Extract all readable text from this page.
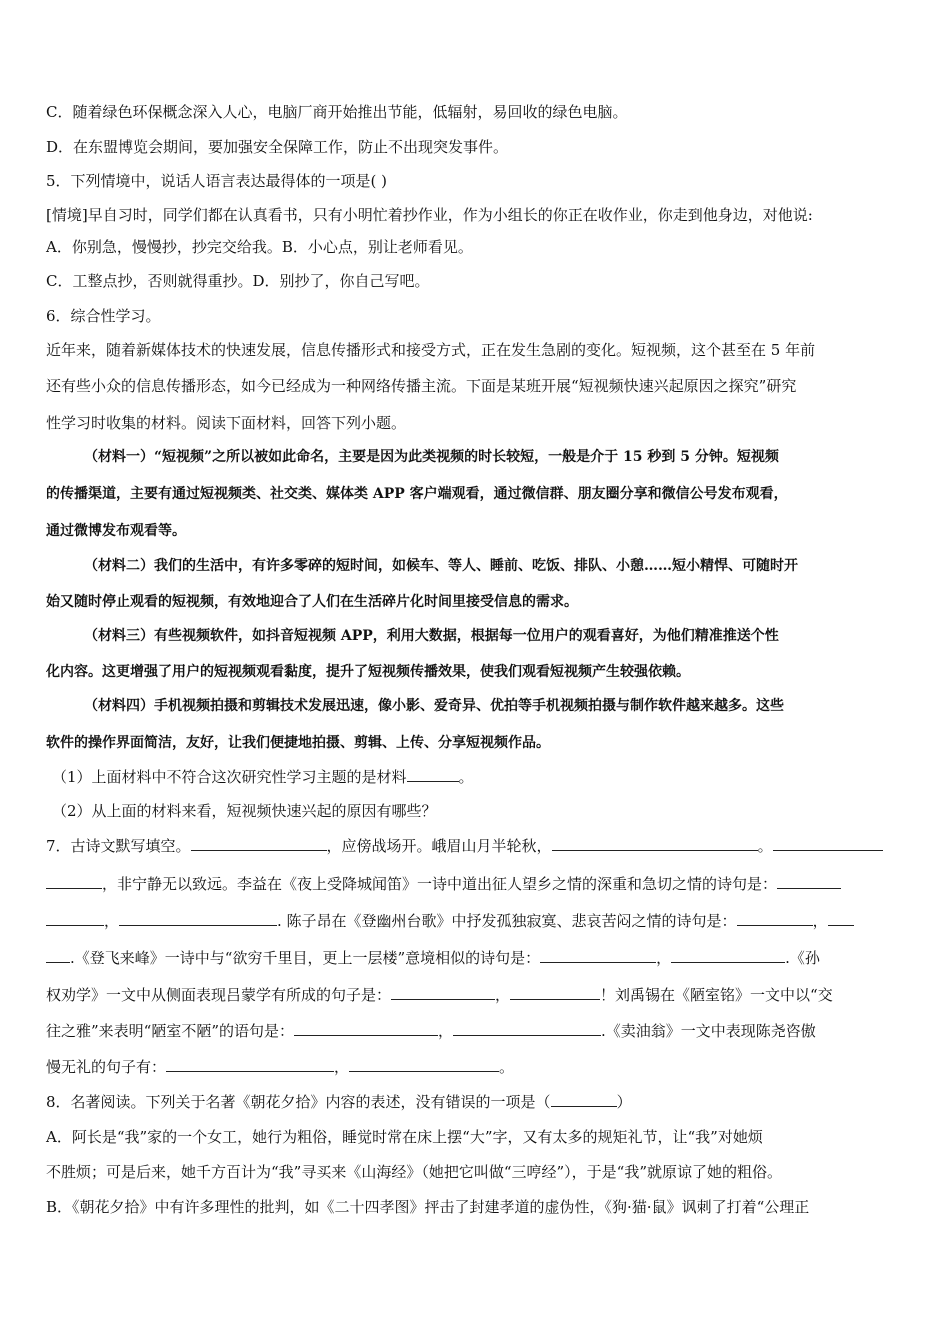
C．随着绿色环保概念深入人心，电脑厂商开始推出节能，低辐射，易回收的绿色电脑。
D．在东盟博览会期间，要加强安全保障工作，防止不出现突发事件。
5．下列情境中，说话人语言表达最得体的一项是( )
[情境]早自习时，同学们都在认真看书，只有小明忙着抄作业，作为小组长的你正在收作业，你走到他身边，对他说:
A．你别急，慢慢抄，抄完交给我。B．小心点，别让老师看见。
C．工整点抄，否则就得重抄。D．别抄了，你自己写吧。
6．综合性学习。
近年来，随着新媒体技术的快速发展，信息传播形式和接受方式，正在发生急剧的变化。短视频，这个甚至在 5 年前
还有些小众的信息传播形态，如今已经成为一种网络传播主流。下面是某班开展“短视频快速兴起原因之探究”研究
性学习时收集的材料。阅读下面材料，回答下列小题。
（材料一）“短视频”之所以被如此命名，主要是因为此类视频的时长较短，一般是介于 15 秒到 5 分钟。短视频
的传播渠道，主要有通过短视频类、社交类、媒体类 APP 客户端观看，通过微信群、朋友圈分享和微信公号发布观看，
通过微博发布观看等。
（材料二）我们的生活中，有许多零碎的短时间，如候车、等人、睡前、吃饭、排队、小憩……短小精悍、可随时开
始又随时停止观看的短视频，有效地迎合了人们在生活碎片化时间里接受信息的需求。
（材料三）有些视频软件，如抖音短视频 APP，利用大数据，根据每一位用户的观看喜好，为他们精准推送个性
化内容。这更增强了用户的短视频观看黏度，提升了短视频传播效果，使我们观看短视频产生较强依赖。
（材料四）手机视频拍摄和剪辑技术发展迅速，像小影、爱奇异、优拍等手机视频拍摄与制作软件越来越多。这些
软件的操作界面简洁，友好，让我们便捷地拍摄、剪辑、上传、分享短视频作品。
（1）上面材料中不符合这次研究性学习主题的是材料	。
（2）从上面的材料来看，短视频快速兴起的原因有哪些？
7．古诗文默写填空。	，应傍战场开。峨眉山月半轮秋，	。
，非宁静无以致远。李益在《夜上受降城闻笛》一诗中道出征人望乡之情的深重和急切之情的诗句是：
，	. 陈子昂在《登幽州台歌》中抒发孤独寂寞、悲哀苦闷之情的诗句是：	，
.《登飞来峰》一诗中与“欲穷千里目，更上一层楼”意境相似的诗句是：	，	.《孙
权劝学》一文中从侧面表现吕蒙学有所成的句子是：	，	！刘禹锡在《陋室铭》一文中以“交
往之雅”来表明“陋室不陋”的语句是：	，	.《卖油翁》一文中表现陈尧咨傲
慢无礼的句子有：	，	。
8．名著阅读。下列关于名著《朝花夕拾》内容的表述，没有错误的一项是（	）
A．阿长是“我”家的一个女工，她行为粗俗，睡觉时常在床上摆“大”字，又有太多的规矩礼节，让“我”对她烦
不胜烦；可是后来，她千方百计为“我”寻买来《山海经》（她把它叫做“三哼经”），于是“我”就原谅了她的粗俗。
B．《朝花夕拾》中有许多理性的批判，如《二十四孝图》抨击了封建孝道的虚伪性，《狗·猫·鼠》讽刺了打着“公理正
